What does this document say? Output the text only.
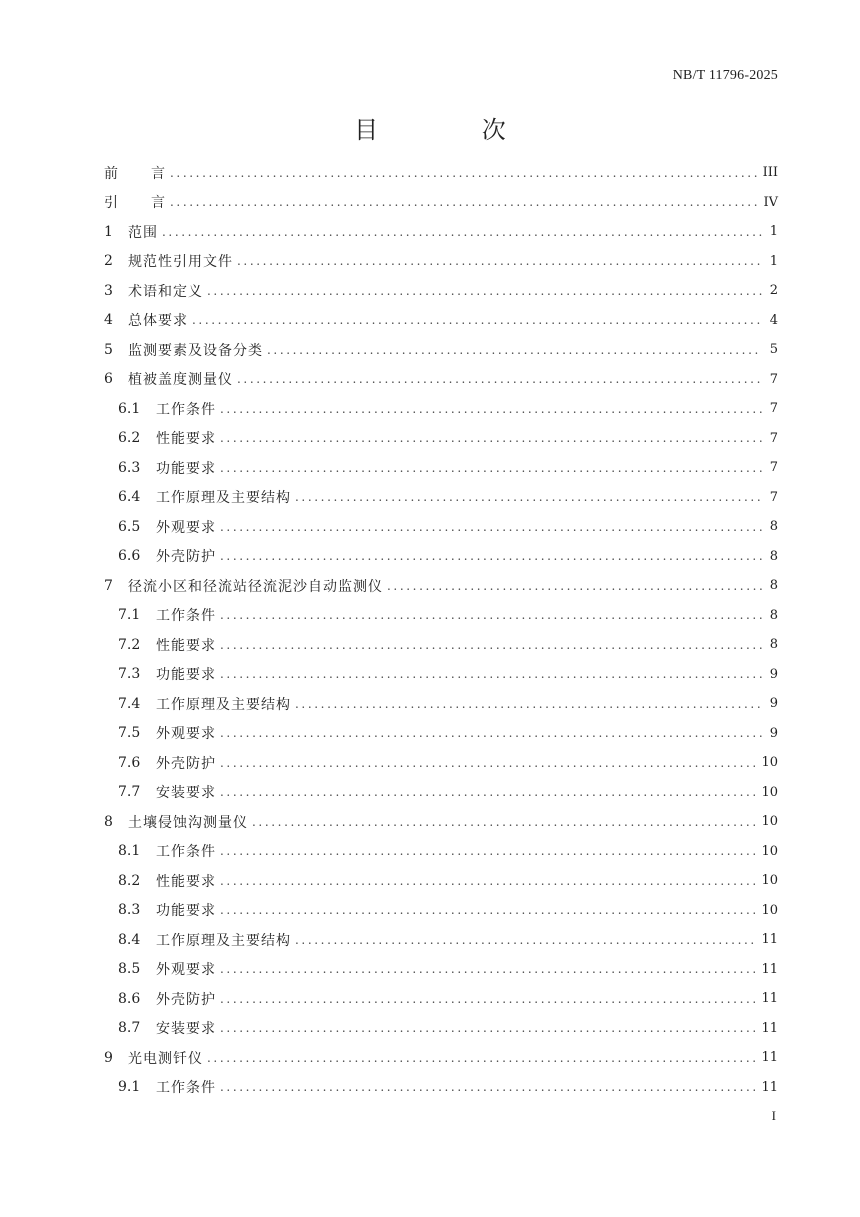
NB/T 11796-2025
目 次
前	言 .....	III
引	言 .....	IV
1	范围 .....	1
2	规范性引用文件 .....	1
3	术语和定义 .....	2
4	总体要求 .....	4
5	监测要素及设备分类 .....	5
6	植被盖度测量仪 .....	7
6.1	工作条件 .....	7
6.2	性能要求 .....	7
6.3	功能要求 .....	7
6.4	工作原理及主要结构 .....	7
6.5	外观要求 .....	8
6.6	外壳防护 .....	8
7	径流小区和径流站径流泥沙自动监测仪 .....	8
7.1	工作条件 .....	8
7.2	性能要求 .....	8
7.3	功能要求 .....	9
7.4	工作原理及主要结构 .....	9
7.5	外观要求 .....	9
7.6	外壳防护 .....	10
7.7	安装要求 .....	10
8	土壤侵蚀沟测量仪 .....	10
8.1	工作条件 .....	10
8.2	性能要求 .....	10
8.3	功能要求 .....	10
8.4	工作原理及主要结构 .....	11
8.5	外观要求 .....	11
8.6	外壳防护 .....	11
8.7	安装要求 .....	11
9	光电测钎仪 .....	11
9.1	工作条件 .....	11
I
